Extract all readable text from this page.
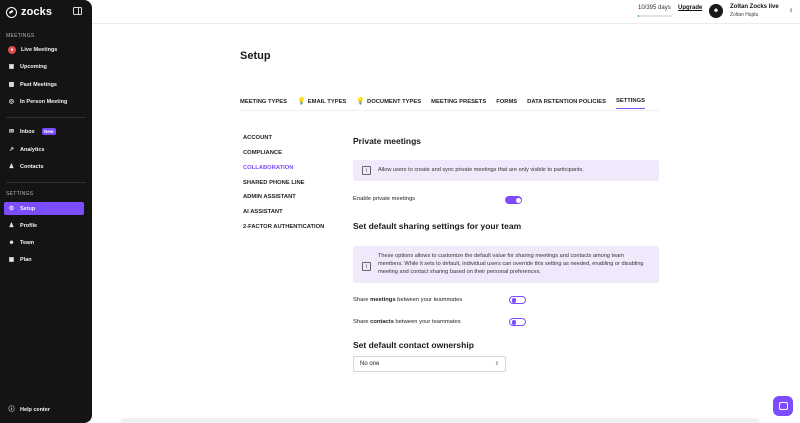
zocks
MEETINGS
●	Live Meetings
▣ Upcoming
▦ Past Meetings
◎ In Person Meeting
✉ Inbox	New
↗ Analytics
♟ Contacts
SETTINGS
⚙ Setup
♟ Profile
☻ Team
▣ Plan
ⓘ Help center
10/395 days Upgrade ☻
Zoltan Zocks live
Zoltan Hajdu
⇕
Setup
MEETING TYPES 💡 EMAIL TYPES 💡 DOCUMENT TYPES MEETING PRESETS FORMS DATA RETENTION POLICIES SETTINGS
ACCOUNT
COMPLIANCE
COLLABORATION
SHARED PHONE LINE
ADMIN ASSISTANT
AI ASSISTANT
2-FACTOR AUTHENTICATION
Private meetings
i	Allow users to create and sync private meetings that are only visible to participants.
Enable private meetings
Set default sharing settings for your team
i
These options allows to customize the default value for sharing meetings and contacts among team members. While it sets to default, individual users can override this setting as needed, enabling or disabling meeting and contact sharing based on their personal preferences.
Share meetings between your teammates
Share contacts between your teammates
Set default contact ownership
No one	⇕
